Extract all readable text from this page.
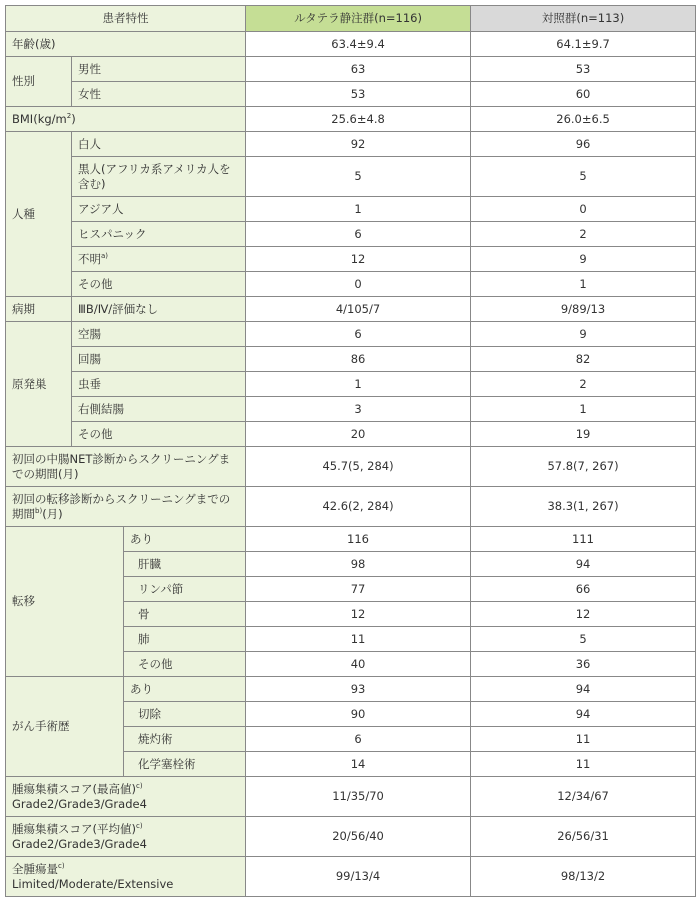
患者特性			ルタテラ静注群(n=116)	対照群(n=113)
年齢(歳)			63.4±9.4	64.1±9.7
性別	男性		63	53
	女性		53	60
$BMI(kg/m^2)$			25.6±4.8	26.0±6.5
人種	白人		92	96
	黒人(アフリカ系アメリカ人を含む)		5	5
	アジア人		1	0
	ヒスパニック		6	2
	不明$^{a)}$		12	9
	その他		0	1
病期	ⅢB/Ⅳ/評価なし		4/105/7	9/89/13
原発巣	空腸		6	9
	回腸		86	82
	虫垂		1	2
	右側結腸		3	1
	その他		20	19
初回の中腸NET診断からスクリーニングまでの期間(月)			45.7(5, 284)	57.8(7, 267)
初回の転移診断からスクリーニングまでの期間$^{b)}$(月)			42.6(2, 284)	38.3(1, 267)
転移		あり	116	111
		肝臓	98	94
		リンパ節	77	66
		骨	12	12
		肺	11	5
		その他	40	36
がん手術歴		あり	93	94
		切除	90	94
		焼灼術	6	11
		化学塞栓術	14	11
腫瘍集積スコア(最高値)$^{c)}$
Grade2/Grade3/Grade4			11/35/70	12/34/67
腫瘍集積スコア(平均値)$^{c)}$
Grade2/Grade3/Grade4			20/56/40	26/56/31
全腫瘍量$^{c)}$
Limited/Moderate/Extensive			99/13/4	98/13/2
